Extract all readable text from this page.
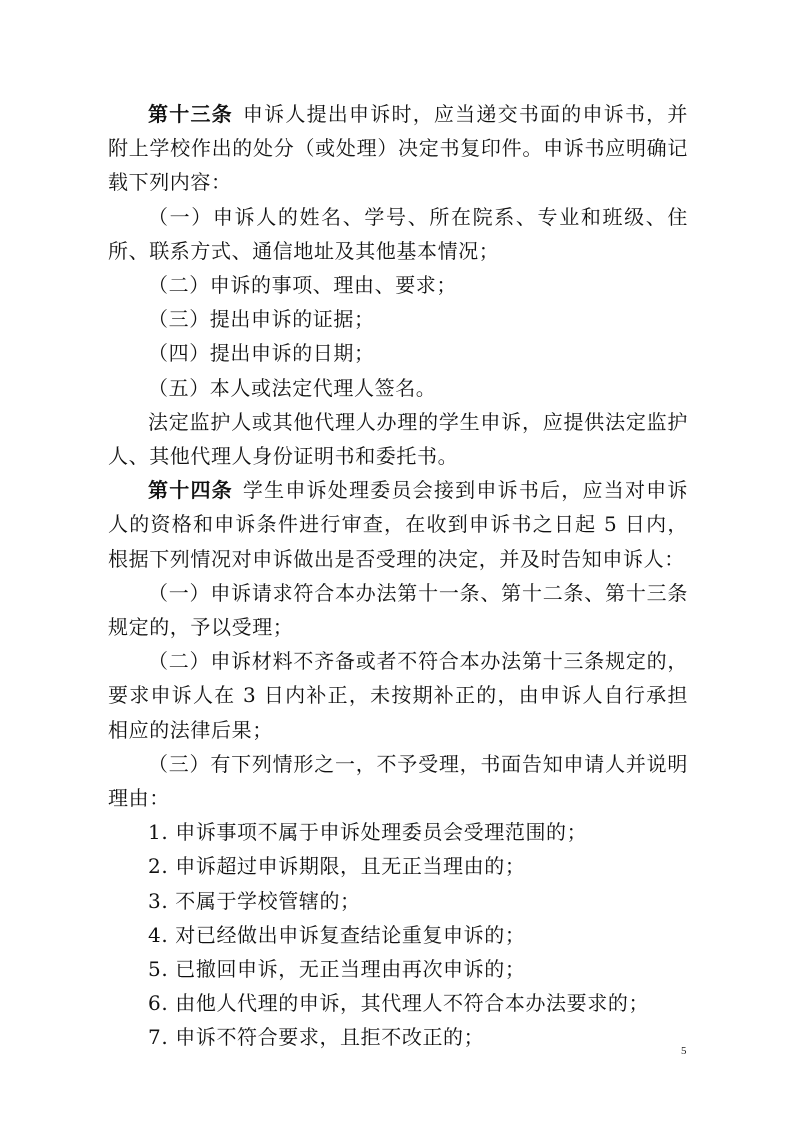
第十三条 申诉人提出申诉时，应当递交书面的申诉书，并附上学校作出的处分（或处理）决定书复印件。申诉书应明确记载下列内容：

（一）申诉人的姓名、学号、所在院系、专业和班级、住所、联系方式、通信地址及其他基本情况；

（二）申诉的事项、理由、要求；

（三）提出申诉的证据；

（四）提出申诉的日期；

（五）本人或法定代理人签名。

法定监护人或其他代理人办理的学生申诉，应提供法定监护人、其他代理人身份证明书和委托书。

第十四条 学生申诉处理委员会接到申诉书后，应当对申诉人的资格和申诉条件进行审查，在收到申诉书之日起 5 日内，根据下列情况对申诉做出是否受理的决定，并及时告知申诉人：

（一）申诉请求符合本办法第十一条、第十二条、第十三条规定的，予以受理；

（二）申诉材料不齐备或者不符合本办法第十三条规定的，要求申诉人在 3 日内补正，未按期补正的，由申诉人自行承担相应的法律后果；

（三）有下列情形之一，不予受理，书面告知申请人并说明理由：

1. 申诉事项不属于申诉处理委员会受理范围的；

2. 申诉超过申诉期限，且无正当理由的；

3. 不属于学校管辖的；

4. 对已经做出申诉复查结论重复申诉的；

5. 已撤回申诉，无正当理由再次申诉的；

6. 由他人代理的申诉，其代理人不符合本办法要求的；

7. 申诉不符合要求，且拒不改正的；

5
